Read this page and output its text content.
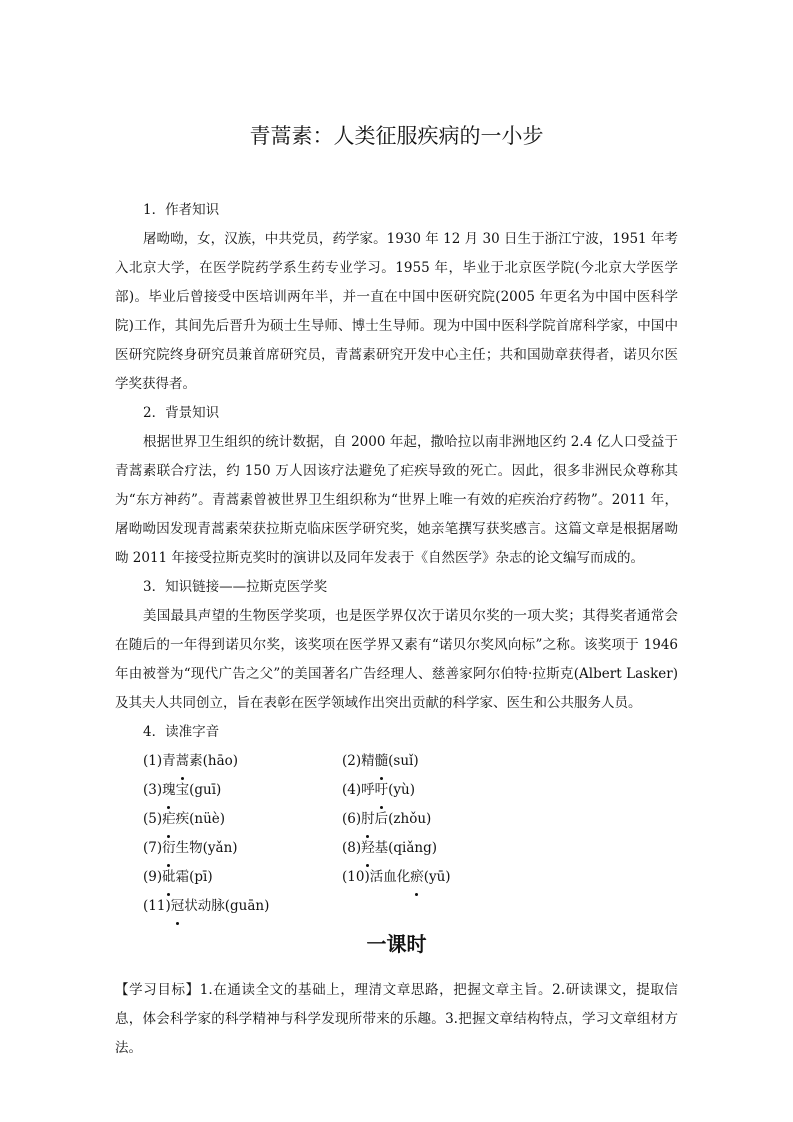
青蒿素：人类征服疾病的一小步
1．作者知识

屠呦呦，女，汉族，中共党员，药学家。1930 年 12 月 30 日生于浙江宁波，1951 年考入北京大学，在医学院药学系生药专业学习。1955 年，毕业于北京医学院(今北京大学医学部)。毕业后曾接受中医培训两年半，并一直在中国中医研究院(2005 年更名为中国中医科学院)工作，其间先后晋升为硕士生导师、博士生导师。现为中国中医科学院首席科学家，中国中医研究院终身研究员兼首席研究员，青蒿素研究开发中心主任；共和国勋章获得者，诺贝尔医学奖获得者。

2．背景知识

根据世界卫生组织的统计数据，自 2000 年起，撒哈拉以南非洲地区约 2.4 亿人口受益于青蒿素联合疗法，约 150 万人因该疗法避免了疟疾导致的死亡。因此，很多非洲民众尊称其为“东方神药”。青蒿素曾被世界卫生组织称为“世界上唯一有效的疟疾治疗药物”。2011 年，屠呦呦因发现青蒿素荣获拉斯克临床医学研究奖，她亲笔撰写获奖感言。这篇文章是根据屠呦呦 2011 年接受拉斯克奖时的演讲以及同年发表于《自然医学》杂志的论文编写而成的。

3．知识链接——拉斯克医学奖

美国最具声望的生物医学奖项，也是医学界仅次于诺贝尔奖的一项大奖；其得奖者通常会在随后的一年得到诺贝尔奖，该奖项在医学界又素有“诺贝尔奖风向标”之称。该奖项于 1946 年由被誉为“现代广告之父”的美国著名广告经理人、慈善家阿尔伯特·拉斯克(Albert Lasker)及其夫人共同创立，旨在表彰在医学领域作出突出贡献的科学家、医生和公共服务人员。

4．读准字音
(1)青蒿素(hāo)	(2)精髓(suǐ)
(3)瑰宝(guī)	(4)呼吁(yù)
(5)疟疾(nüè)	(6)肘后(zhǒu)
(7)衍生物(yǎn)	(8)羟基(qiǎng)
(9)砒霜(pī)	(10)活血化瘀(yū)
(11)冠状动脉(guān)
一课时

【学习目标】1.在通读全文的基础上，理清文章思路，把握文章主旨。2.研读课文，提取信息，体会科学家的科学精神与科学发现所带来的乐趣。3.把握文章结构特点，学习文章组材方法。
